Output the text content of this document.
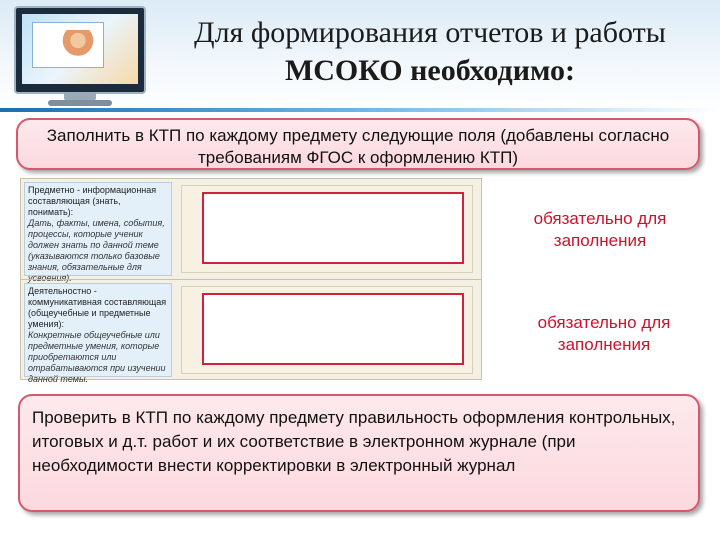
Для формирования отчетов и работы
МСОКО необходимо:
Заполнить в КТП по каждому предмету следующие поля (добавлены согласно требованиям ФГОС к оформлению КТП)
Предметно - информационная составляющая (знать, понимать):
Дать, факты, имена, события, процессы, которые ученик должен знать по данной теме (указываются только базовые знания, обязательные для усвоения).
Деятельностно - коммуникативная составляющая (общеучебные и предметные умения):
Конкретные общеучебные или предметные умения, которые приобретаются или отрабатываются при изучении данной темы.
обязательно для заполнения
обязательно для заполнения
Проверить в КТП по каждому предмету правильность оформления контрольных, итоговых и д.т. работ и их соответствие в электронном журнале (при необходимости внести корректировки в электронный журнал
